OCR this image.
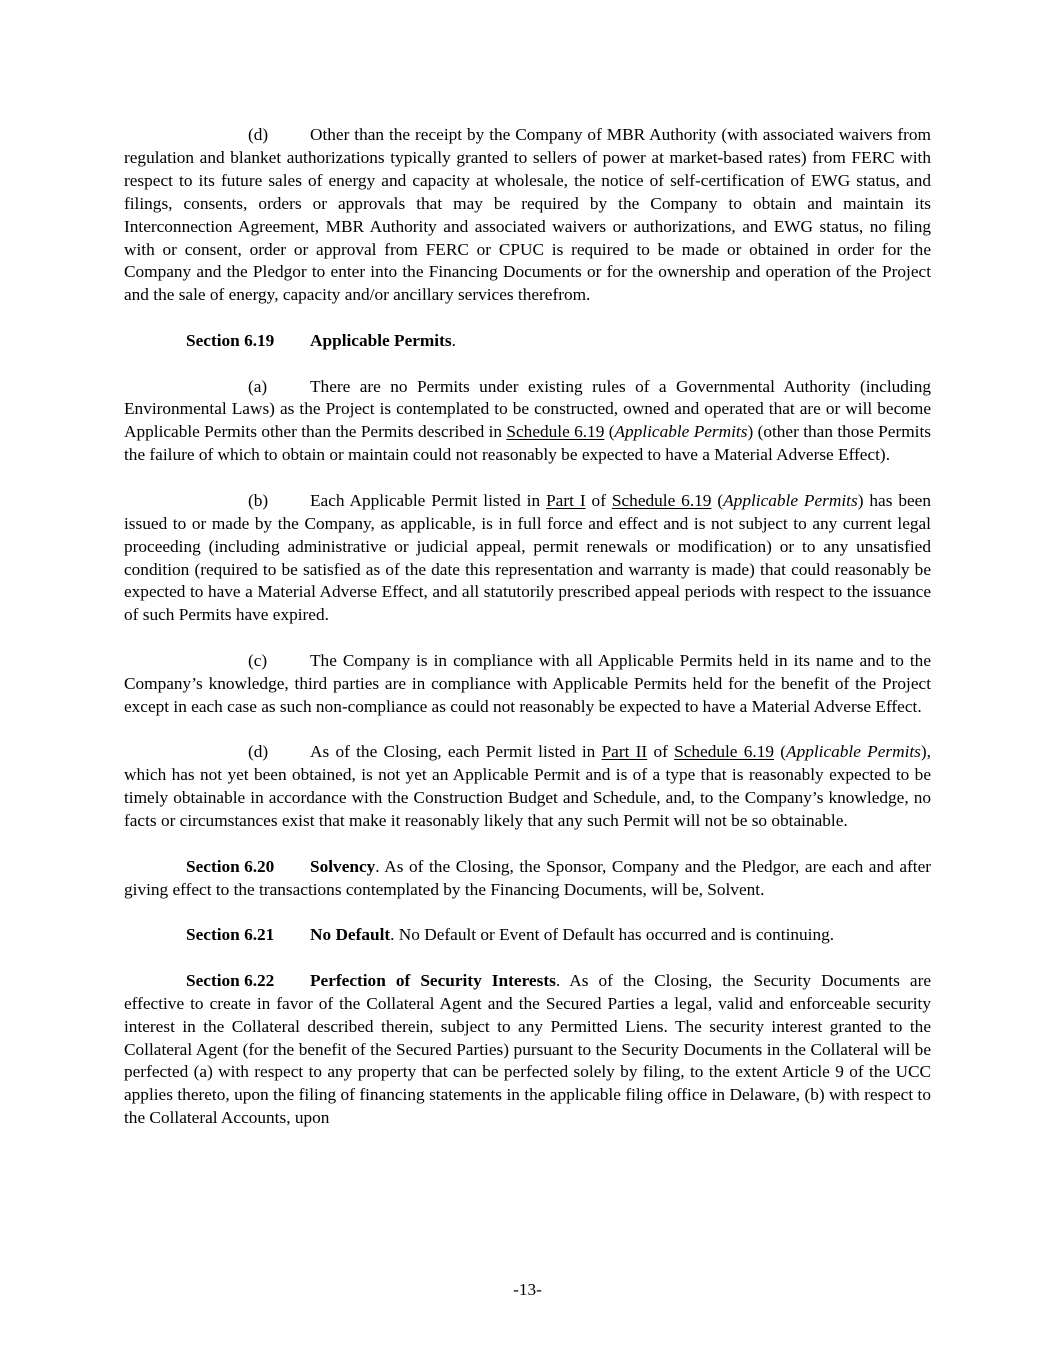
(d) Other than the receipt by the Company of MBR Authority (with associated waivers from regulation and blanket authorizations typically granted to sellers of power at market-based rates) from FERC with respect to its future sales of energy and capacity at wholesale, the notice of self-certification of EWG status, and filings, consents, orders or approvals that may be required by the Company to obtain and maintain its Interconnection Agreement, MBR Authority and associated waivers or authorizations, and EWG status, no filing with or consent, order or approval from FERC or CPUC is required to be made or obtained in order for the Company and the Pledgor to enter into the Financing Documents or for the ownership and operation of the Project and the sale of energy, capacity and/or ancillary services therefrom.

Section 6.19 Applicable Permits.

(a) There are no Permits under existing rules of a Governmental Authority (including Environmental Laws) as the Project is contemplated to be constructed, owned and operated that are or will become Applicable Permits other than the Permits described in Schedule 6.19 (Applicable Permits) (other than those Permits the failure of which to obtain or maintain could not reasonably be expected to have a Material Adverse Effect).

(b) Each Applicable Permit listed in Part I of Schedule 6.19 (Applicable Permits) has been issued to or made by the Company, as applicable, is in full force and effect and is not subject to any current legal proceeding (including administrative or judicial appeal, permit renewals or modification) or to any unsatisfied condition (required to be satisfied as of the date this representation and warranty is made) that could reasonably be expected to have a Material Adverse Effect, and all statutorily prescribed appeal periods with respect to the issuance of such Permits have expired.

(c) The Company is in compliance with all Applicable Permits held in its name and to the Company’s knowledge, third parties are in compliance with Applicable Permits held for the benefit of the Project except in each case as such non-compliance as could not reasonably be expected to have a Material Adverse Effect.

(d) As of the Closing, each Permit listed in Part II of Schedule 6.19 (Applicable Permits), which has not yet been obtained, is not yet an Applicable Permit and is of a type that is reasonably expected to be timely obtainable in accordance with the Construction Budget and Schedule, and, to the Company’s knowledge, no facts or circumstances exist that make it reasonably likely that any such Permit will not be so obtainable.

Section 6.20 Solvency. As of the Closing, the Sponsor, Company and the Pledgor, are each and after giving effect to the transactions contemplated by the Financing Documents, will be, Solvent.

Section 6.21 No Default. No Default or Event of Default has occurred and is continuing.

Section 6.22 Perfection of Security Interests. As of the Closing, the Security Documents are effective to create in favor of the Collateral Agent and the Secured Parties a legal, valid and enforceable security interest in the Collateral described therein, subject to any Permitted Liens. The security interest granted to the Collateral Agent (for the benefit of the Secured Parties) pursuant to the Security Documents in the Collateral will be perfected (a) with respect to any property that can be perfected solely by filing, to the extent Article 9 of the UCC applies thereto, upon the filing of financing statements in the applicable filing office in Delaware, (b) with respect to the Collateral Accounts, upon

-13-
